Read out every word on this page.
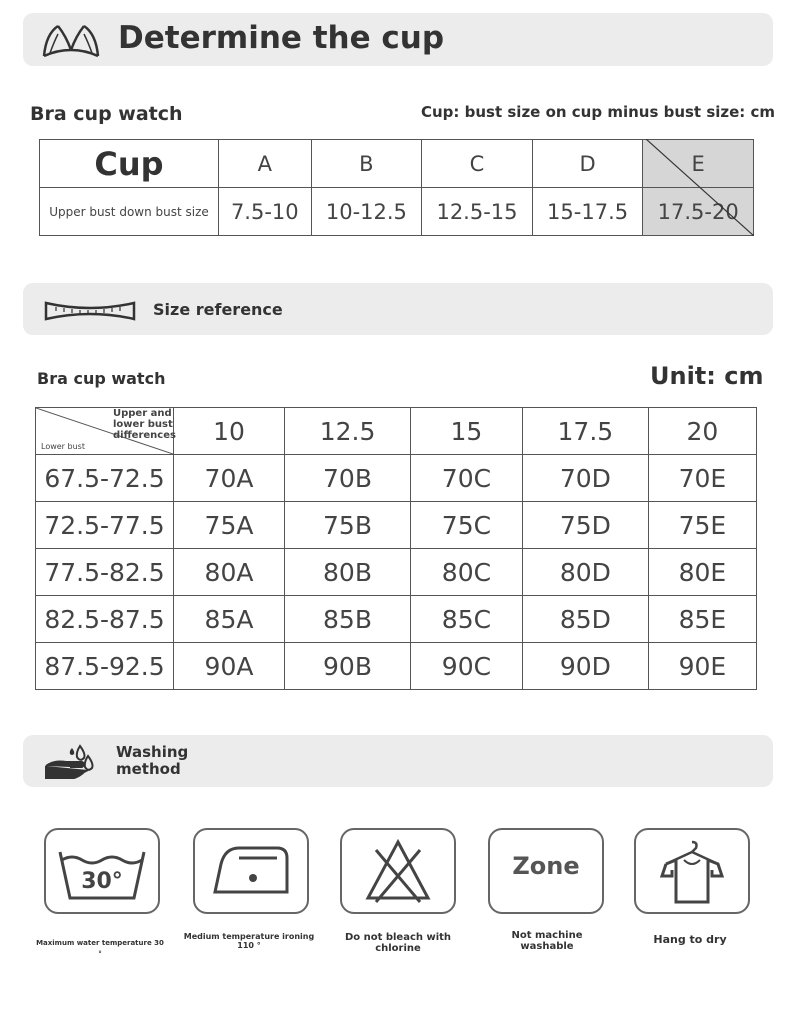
Determine the cup
Bra cup watch	Cup: bust size on cup minus bust size: cm
Cup	A	B	C	D	E
Upper bust down bust size	7.5-10	10-12.5	12.5-15	15-17.5	17.5-20
Size reference
Bra cup watch	Unit: cm
Upper and lower bust differences
Lower bust	10	12.5	15	17.5	20
67.5-72.5	70A	70B	70C	70D	70E
72.5-77.5	75A	75B	75C	75D	75E
77.5-82.5	80A	80B	80C	80D	80E
82.5-87.5	85A	85B	85C	85D	85E
87.5-92.5	90A	90B	90C	90D	90E
Washing method
30°
Maximum water temperature 30 °
Medium temperature ironing 110 °
Do not bleach with chlorine
Zone
Not machine washable
Hang to dry
